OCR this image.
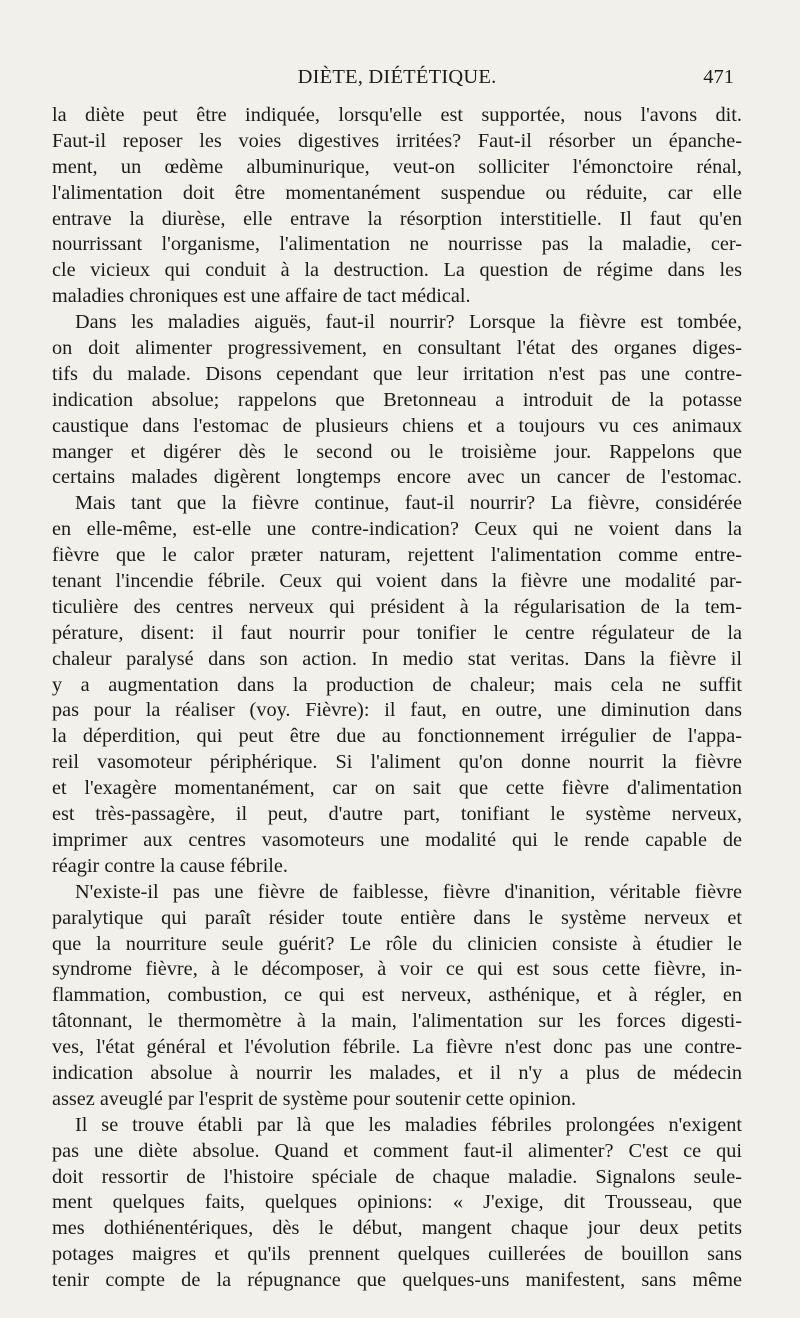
DIÈTE, DIÉTÉTIQUE.	471
la diète peut être indiquée, lorsqu'elle est supportée, nous l'avons dit.
Faut-il reposer les voies digestives irritées? Faut-il résorber un épanche-
ment, un œdème albuminurique, veut-on solliciter l'émonctoire rénal,
l'alimentation doit être momentanément suspendue ou réduite, car elle
entrave la diurèse, elle entrave la résorption interstitielle. Il faut qu'en
nourrissant l'organisme, l'alimentation ne nourrisse pas la maladie, cer-
cle vicieux qui conduit à la destruction. La question de régime dans les
maladies chroniques est une affaire de tact médical.
Dans les maladies aiguës, faut-il nourrir? Lorsque la fièvre est tombée,
on doit alimenter progressivement, en consultant l'état des organes diges-
tifs du malade. Disons cependant que leur irritation n'est pas une contre-
indication absolue; rappelons que Bretonneau a introduit de la potasse
caustique dans l'estomac de plusieurs chiens et a toujours vu ces animaux
manger et digérer dès le second ou le troisième jour. Rappelons que
certains malades digèrent longtemps encore avec un cancer de l'estomac.
Mais tant que la fièvre continue, faut-il nourrir? La fièvre, considérée
en elle-même, est-elle une contre-indication? Ceux qui ne voient dans la
fièvre que le calor præter naturam, rejettent l'alimentation comme entre-
tenant l'incendie fébrile. Ceux qui voient dans la fièvre une modalité par-
ticulière des centres nerveux qui président à la régularisation de la tem-
pérature, disent: il faut nourrir pour tonifier le centre régulateur de la
chaleur paralysé dans son action. In medio stat veritas. Dans la fièvre il
y a augmentation dans la production de chaleur; mais cela ne suffit
pas pour la réaliser (voy. Fièvre): il faut, en outre, une diminution dans
la déperdition, qui peut être due au fonctionnement irrégulier de l'appa-
reil vasomoteur périphérique. Si l'aliment qu'on donne nourrit la fièvre
et l'exagère momentanément, car on sait que cette fièvre d'alimentation
est très-passagère, il peut, d'autre part, tonifiant le système nerveux,
imprimer aux centres vasomoteurs une modalité qui le rende capable de
réagir contre la cause fébrile.
N'existe-il pas une fièvre de faiblesse, fièvre d'inanition, véritable fièvre
paralytique qui paraît résider toute entière dans le système nerveux et
que la nourriture seule guérit? Le rôle du clinicien consiste à étudier le
syndrome fièvre, à le décomposer, à voir ce qui est sous cette fièvre, in-
flammation, combustion, ce qui est nerveux, asthénique, et à régler, en
tâtonnant, le thermomètre à la main, l'alimentation sur les forces digesti-
ves, l'état général et l'évolution fébrile. La fièvre n'est donc pas une contre-
indication absolue à nourrir les malades, et il n'y a plus de médecin
assez aveuglé par l'esprit de système pour soutenir cette opinion.
Il se trouve établi par là que les maladies fébriles prolongées n'exigent
pas une diète absolue. Quand et comment faut-il alimenter? C'est ce qui
doit ressortir de l'histoire spéciale de chaque maladie. Signalons seule-
ment quelques faits, quelques opinions: « J'exige, dit Trousseau, que
mes dothiénentériques, dès le début, mangent chaque jour deux petits
potages maigres et qu'ils prennent quelques cuillerées de bouillon sans
tenir compte de la répugnance que quelques-uns manifestent, sans même
